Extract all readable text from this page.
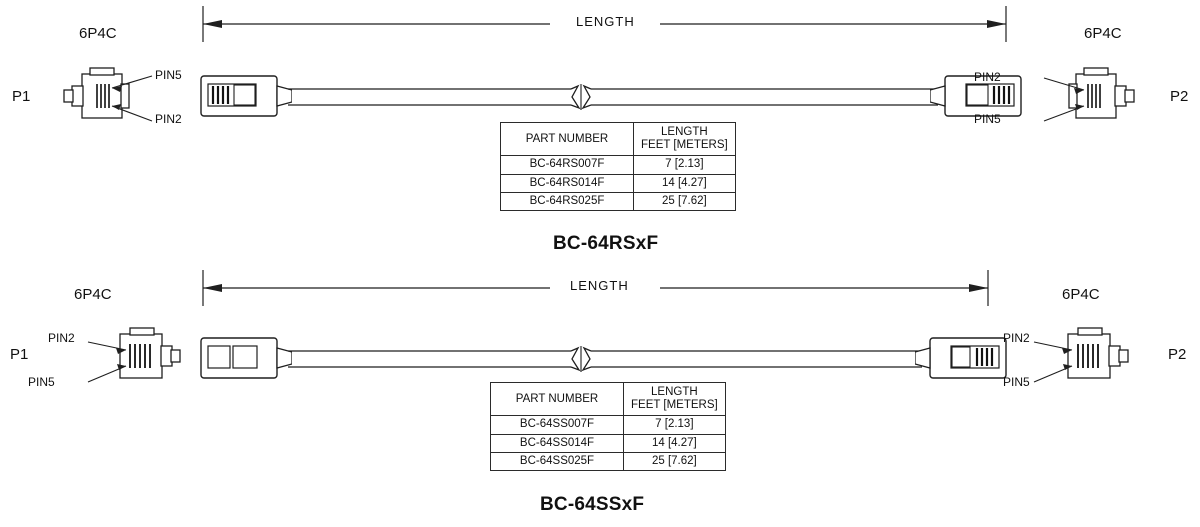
LENGTH
6P4C	6P4C
P1	P2
PIN5
PIN2
PIN2
PIN5
PART NUMBER	LENGTH
FEET [METERS]
BC-64RS007F	7 [2.13]
BC-64RS014F	14 [4.27]
BC-64RS025F	25 [7.62]
BC-64RSxF
LENGTH
6P4C	6P4C
P1	P2
PIN2
PIN5
PIN2
PIN5
PART NUMBER	LENGTH
FEET [METERS]
BC-64SS007F	7 [2.13]
BC-64SS014F	14 [4.27]
BC-64SS025F	25 [7.62]
BC-64SSxF
